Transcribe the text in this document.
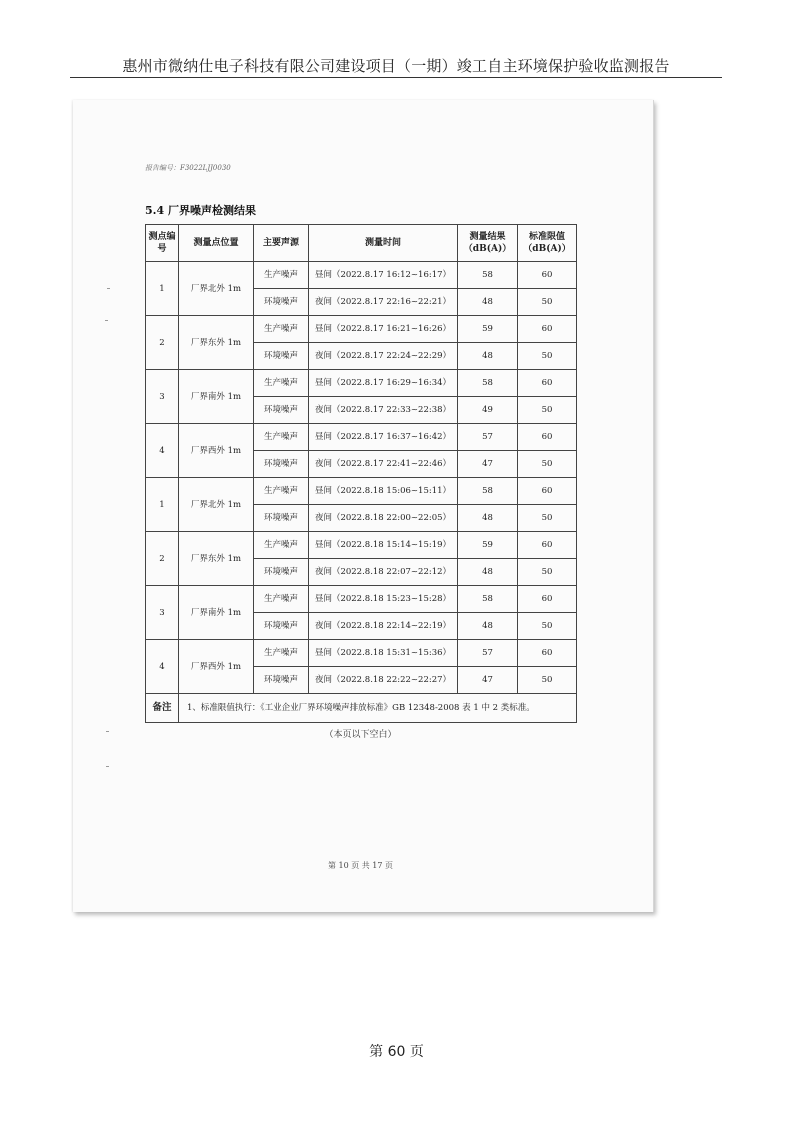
惠州市微纳仕电子科技有限公司建设项目（一期）竣工自主环境保护验收监测报告
报告编号：F3022LJJ0030
5.4 厂界噪声检测结果
测点编号	测量点位置	主要声源	测量时间	测量结果（dB(A)）	标准限值（dB(A)）
1	厂界北外 1m	生产噪声	昼间（2022.8.17 16:12~16:17）	58	60
		环境噪声	夜间（2022.8.17 22:16~22:21）	48	50
2	厂界东外 1m	生产噪声	昼间（2022.8.17 16:21~16:26）	59	60
		环境噪声	夜间（2022.8.17 22:24~22:29）	48	50
3	厂界南外 1m	生产噪声	昼间（2022.8.17 16:29~16:34）	58	60
		环境噪声	夜间（2022.8.17 22:33~22:38）	49	50
4	厂界西外 1m	生产噪声	昼间（2022.8.17 16:37~16:42）	57	60
		环境噪声	夜间（2022.8.17 22:41~22:46）	47	50
1	厂界北外 1m	生产噪声	昼间（2022.8.18 15:06~15:11）	58	60
		环境噪声	夜间（2022.8.18 22:00~22:05）	48	50
2	厂界东外 1m	生产噪声	昼间（2022.8.18 15:14~15:19）	59	60
		环境噪声	夜间（2022.8.18 22:07~22:12）	48	50
3	厂界南外 1m	生产噪声	昼间（2022.8.18 15:23~15:28）	58	60
		环境噪声	夜间（2022.8.18 22:14~22:19）	48	50
4	厂界西外 1m	生产噪声	昼间（2022.8.18 15:31~15:36）	57	60
		环境噪声	夜间（2022.8.18 22:22~22:27）	47	50
备注	1、标准限值执行：《工业企业厂界环境噪声排放标准》GB 12348-2008 表 1 中 2 类标准。				
（本页以下空白）
第 10 页 共 17 页
第 60 页
